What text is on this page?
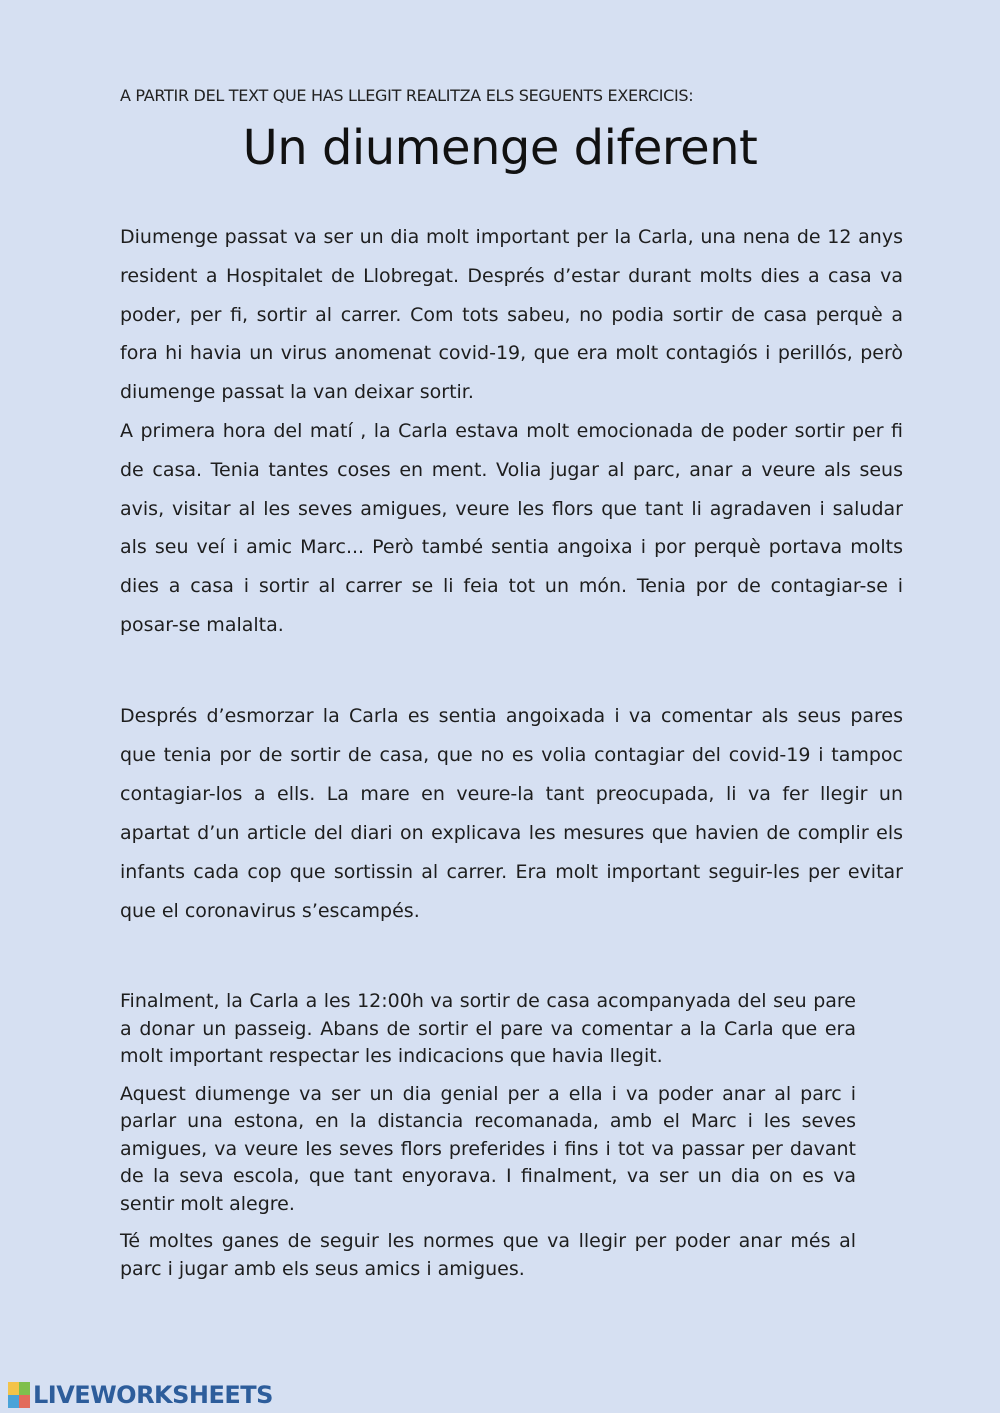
A PARTIR DEL TEXT QUE HAS LLEGIT REALITZA ELS SEGUENTS EXERCICIS:
Un diumenge diferent

Diumenge passat va ser un dia molt important per la Carla, una nena de 12 anys resident a Hospitalet de Llobregat. Després d’estar durant molts dies a casa va poder, per fi, sortir al carrer. Com tots sabeu, no podia sortir de casa perquè a fora hi havia un virus anomenat covid-19, que era molt contagiós i perillós, però diumenge passat la van deixar sortir.

A primera hora del matí , la Carla estava molt emocionada de poder sortir per fi de casa. Tenia tantes coses en ment. Volia jugar al parc, anar a veure als seus avis, visitar al les seves amigues, veure les flors que tant li agradaven i saludar als seu veí i amic Marc... Però també sentia angoixa i por perquè portava molts dies a casa i sortir al carrer se li feia tot un món. Tenia por de contagiar-se i posar-se malalta.

Després d’esmorzar la Carla es sentia angoixada i va comentar als seus pares que tenia por de sortir de casa, que no es volia contagiar del covid-19 i tampoc contagiar-los a ells. La mare en veure-la tant preocupada, li va fer llegir un apartat d’un article del diari on explicava les mesures que havien de complir els infants cada cop que sortissin al carrer. Era molt important seguir-les per evitar que el coronavirus s’escampés.

Finalment, la Carla a les 12:00h va sortir de casa acompanyada del seu pare a donar un passeig. Abans de sortir el pare va comentar a la Carla que era molt important respectar les indicacions que havia llegit.

Aquest diumenge va ser un dia genial per a ella i va poder anar al parc i parlar una estona, en la distancia recomanada, amb el Marc i les seves amigues, va veure les seves flors preferides i fins i tot va passar per davant de la seva escola, que tant enyorava. I finalment, va ser un dia on es va sentir molt alegre.

Té moltes ganes de seguir les normes que va llegir per poder anar més al parc i jugar amb els seus amics i amigues.

LIVEWORKSHEETS
